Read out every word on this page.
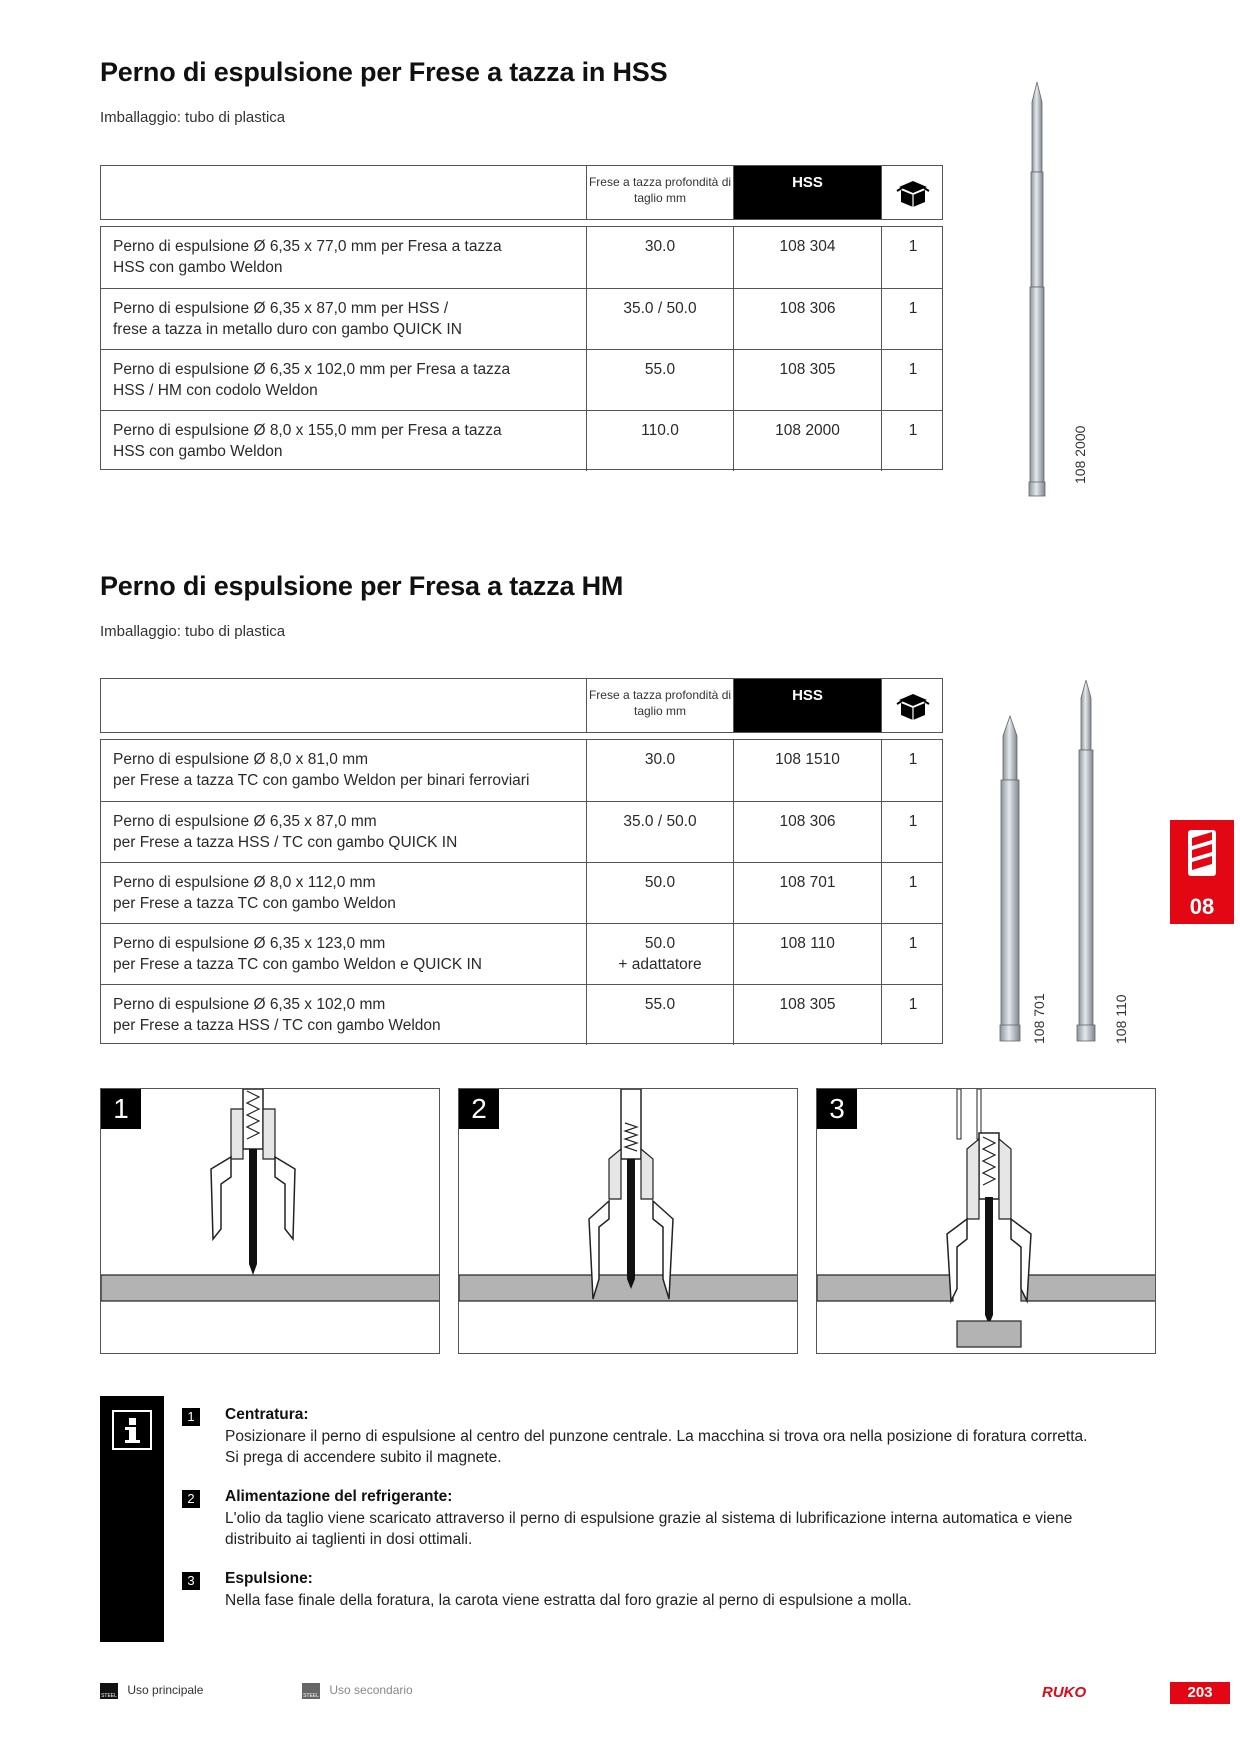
Perno di espulsione per Frese a tazza in HSS
Imballaggio: tubo di plastica
Frese a tazza profondità di taglio mm
HSS
Perno di espulsione Ø 6,35 x 77,0 mm per Fresa a tazza
HSS con gambo Weldon
30.0	108 304	1
Perno di espulsione Ø 6,35 x 87,0 mm per HSS /
frese a tazza in metallo duro con gambo QUICK IN
35.0 / 50.0	108 306	1
Perno di espulsione Ø 6,35 x 102,0 mm per Fresa a tazza
HSS / HM con codolo Weldon
55.0	108 305	1
Perno di espulsione Ø 8,0 x 155,0 mm per Fresa a tazza
HSS con gambo Weldon
110.0	108 2000	1	108 2000
Perno di espulsione per Fresa a tazza HM
Imballaggio: tubo di plastica
Frese a tazza profondità di taglio mm
HSS
Perno di espulsione Ø 8,0 x 81,0 mm
per Frese a tazza TC con gambo Weldon per binari ferroviari
30.0	108 1510	1
Perno di espulsione Ø 6,35 x 87,0 mm
per Frese a tazza HSS / TC con gambo QUICK IN
35.0 / 50.0	108 306	1
Perno di espulsione Ø 8,0 x 112,0 mm
per Frese a tazza TC con gambo Weldon
50.0	108 701	1
Perno di espulsione Ø 6,35 x 123,0 mm
per Frese a tazza TC con gambo Weldon e QUICK IN
50.0
+ adattatore
108 110	1
Perno di espulsione Ø 6,35 x 102,0 mm
per Frese a tazza HSS / TC con gambo Weldon
55.0	108 305	1	108 701	108 110
08
1	2	3
1	Centratura:
Posizionare il perno di espulsione al centro del punzone centrale. La macchina si trova ora nella posizione di foratura corretta.
Si prega di accendere subito il magnete.
2	Alimentazione del refrigerante:
L'olio da taglio viene scaricato attraverso il perno di espulsione grazie al sistema di lubrificazione interna automatica e viene
distribuito ai taglienti in dosi ottimali.
3	Espulsione:
Nella fase finale della foratura, la carota viene estratta dal foro grazie al perno di espulsione a molla.
STEEL Uso principale	STEEL Uso secondario	RUKO	203
